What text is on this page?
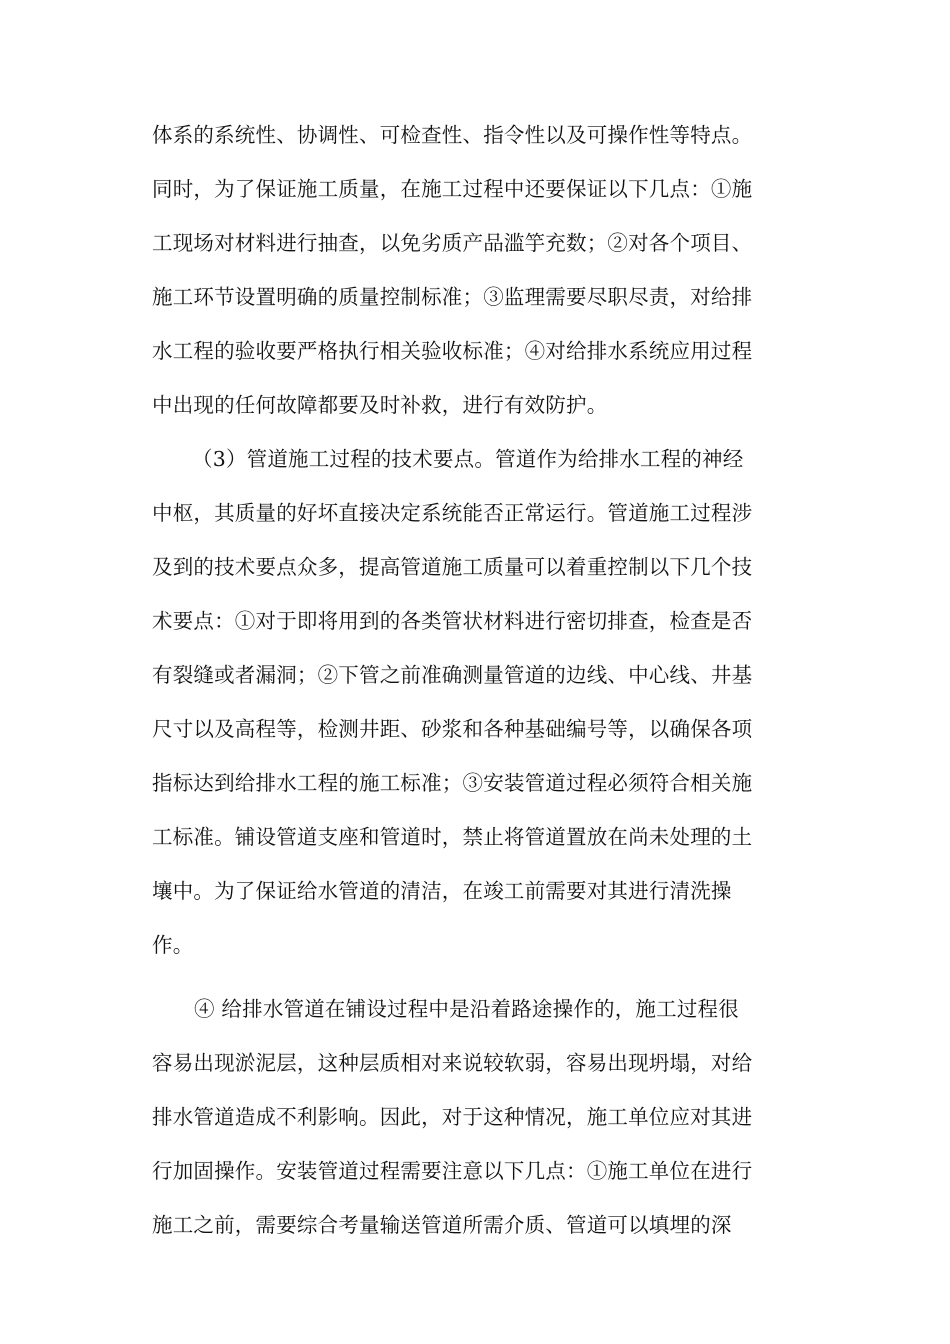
体系的系统性、协调性、可检查性、指令性以及可操作性等特点。
同时，为了保证施工质量，在施工过程中还要保证以下几点：①施
工现场对材料进行抽查，以免劣质产品滥竽充数；②对各个项目、
施工环节设置明确的质量控制标准；③监理需要尽职尽责，对给排
水工程的验收要严格执行相关验收标准；④对给排水系统应用过程
中出现的任何故障都要及时补救，进行有效防护。
（3）管道施工过程的技术要点。管道作为给排水工程的神经
中枢，其质量的好坏直接决定系统能否正常运行。管道施工过程涉
及到的技术要点众多，提高管道施工质量可以着重控制以下几个技
术要点：①对于即将用到的各类管状材料进行密切排查，检查是否
有裂缝或者漏洞；②下管之前准确测量管道的边线、中心线、井基
尺寸以及高程等，检测井距、砂浆和各种基础编号等，以确保各项
指标达到给排水工程的施工标准；③安装管道过程必须符合相关施
工标准。铺设管道支座和管道时，禁止将管道置放在尚未处理的土
壤中。为了保证给水管道的清洁，在竣工前需要对其进行清洗操
作。
④ 给排水管道在铺设过程中是沿着路途操作的，施工过程很
容易出现淤泥层，这种层质相对来说较软弱，容易出现坍塌，对给
排水管道造成不利影响。因此，对于这种情况，施工单位应对其进
行加固操作。安装管道过程需要注意以下几点：①施工单位在进行
施工之前，需要综合考量输送管道所需介质、管道可以填埋的深
